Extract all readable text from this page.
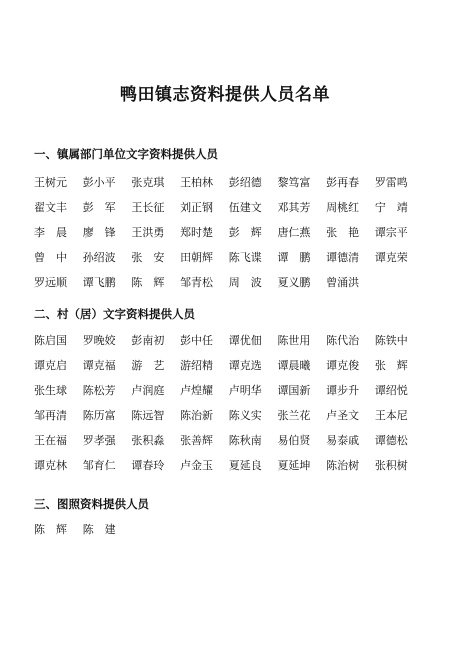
鸭田镇志资料提供人员名单
一、镇属部门单位文字资料提供人员
王树元	彭小平	张克琪	王柏林	彭绍德	黎笃富	彭再春	罗雷鸣
翟文丰	彭　军	王长征	刘正钢	伍建文	邓其芳	周桃红	宁　靖
李　晨	廖　锋	王洪勇	郑时楚	彭　辉	唐仁燕	张　艳	谭宗平
曾　中	孙绍波	张　安	田朝辉	陈飞谍	谭　鹏	谭德清	谭克荣
罗远顺	谭飞鹏	陈　辉	邹青松	周　波	夏义鹏	曾涌洪
二、村（居）文字资料提供人员
陈启国	罗晚姣	彭南初	彭中任	谭优佃	陈世用	陈代治	陈铁中
谭克启	谭克福	游　艺	游绍精	谭克选	谭晨曦	谭克俊	张　辉
张生球	陈松芳	卢润庭	卢煌耀	卢明华	谭国新	谭步升	谭绍悦
邹再清	陈历富	陈远智	陈治新	陈义实	张兰花	卢圣文	王本尼
王在福	罗孝强	张积淼	张善辉	陈秋南	易伯贤	易泰戚	谭德松
谭克林	邹育仁	谭春玲	卢金玉	夏延良	夏延坤	陈治树	张积树
三、图照资料提供人员
陈　辉	陈　建
